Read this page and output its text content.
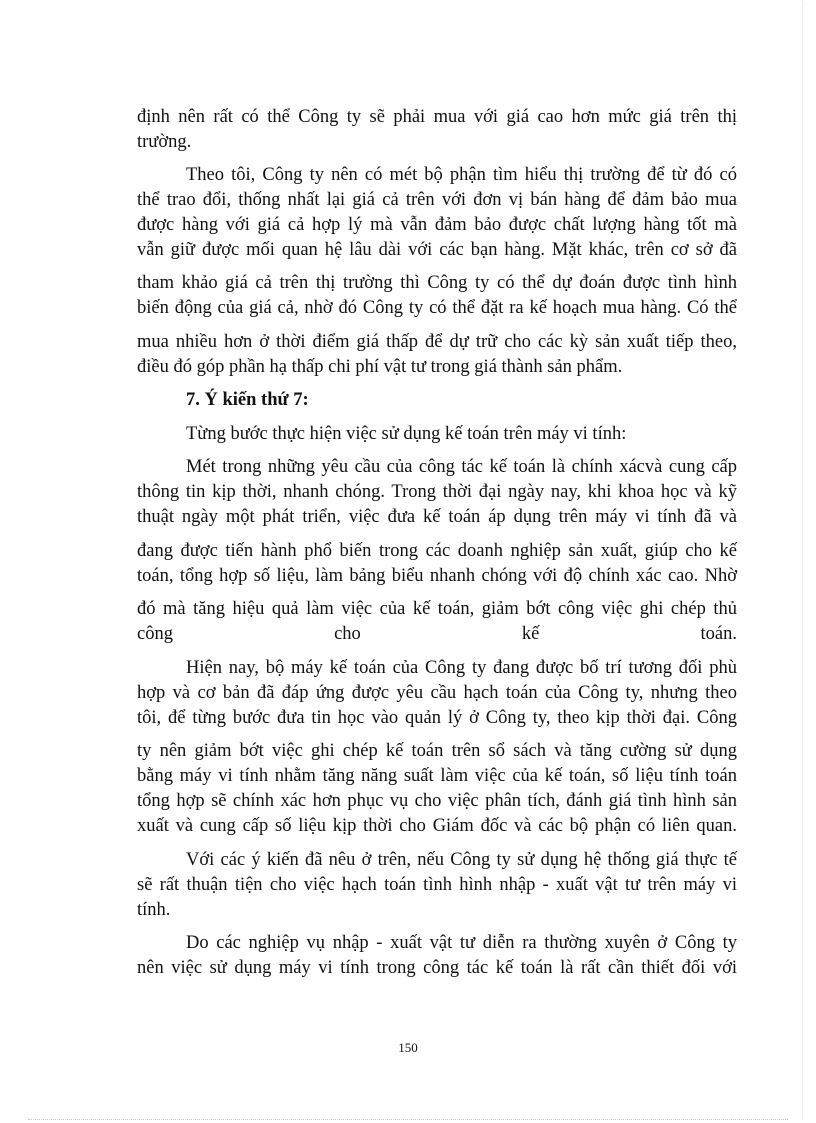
định nên rất có thể Công ty sẽ phải mua với giá cao hơn mức giá trên thị
trường.
Theo tôi, Công ty nên có mét bộ phận tìm hiểu thị trường để từ đó có
thể trao đổi, thống nhất lại giá cả trên với đơn vị bán hàng để đảm bảo mua
được hàng với giá cả hợp lý mà vẫn đảm bảo được chất lượng hàng tốt mà
vẫn giữ được mối quan hệ lâu dài với các bạn hàng. Mặt khác, trên cơ sở đã
tham khảo giá cả trên thị trường thì Công ty có thể dự đoán được tình hình
biến động của giá cả, nhờ đó Công ty có thể đặt ra kế hoạch mua hàng. Có thể
mua nhiều hơn ở thời điểm giá thấp để dự trữ cho các kỳ sản xuất tiếp theo,
điều đó góp phần hạ thấp chi phí vật tư trong giá thành sản phẩm.
7. Ý kiến thứ 7:
Từng bước thực hiện việc sử dụng kế toán trên máy vi tính:
Mét trong những yêu cầu của công tác kế toán là chính xácvà cung cấp
thông tin kịp thời, nhanh chóng. Trong thời đại ngày nay, khi khoa học và kỹ
thuật ngày một phát triển, việc đưa kế toán áp dụng trên máy vi tính đã và
đang được tiến hành phổ biến trong các doanh nghiệp sản xuất, giúp cho kế
toán, tổng hợp số liệu, làm bảng biểu nhanh chóng với độ chính xác cao. Nhờ
đó mà tăng hiệu quả làm việc của kế toán, giảm bớt công việc ghi chép thủ
công	cho	kế	toán.
Hiện nay, bộ máy kế toán của Công ty đang được bố trí tương đối phù
hợp và cơ bản đã đáp ứng được yêu cầu hạch toán của Công ty, nhưng theo
tôi, để từng bước đưa tin học vào quản lý ở Công ty, theo kịp thời đại. Công
ty nên giảm bớt việc ghi chép kế toán trên sổ sách và tăng cường sử dụng
bằng máy vi tính nhằm tăng năng suất làm việc của kế toán, số liệu tính toán
tổng hợp sẽ chính xác hơn phục vụ cho việc phân tích, đánh giá tình hình sản
xuất và cung cấp số liệu kịp thời cho Giám đốc và các bộ phận có liên quan.
Với các ý kiến đã nêu ở trên, nếu Công ty sử dụng hệ thống giá thực tế
sẽ rất thuận tiện cho việc hạch toán tình hình nhập - xuất vật tư trên máy vi
tính.
Do các nghiệp vụ nhập - xuất vật tư diễn ra thường xuyên ở Công ty
nên việc sử dụng máy vi tính trong công tác kế toán là rất cần thiết đối với
150
